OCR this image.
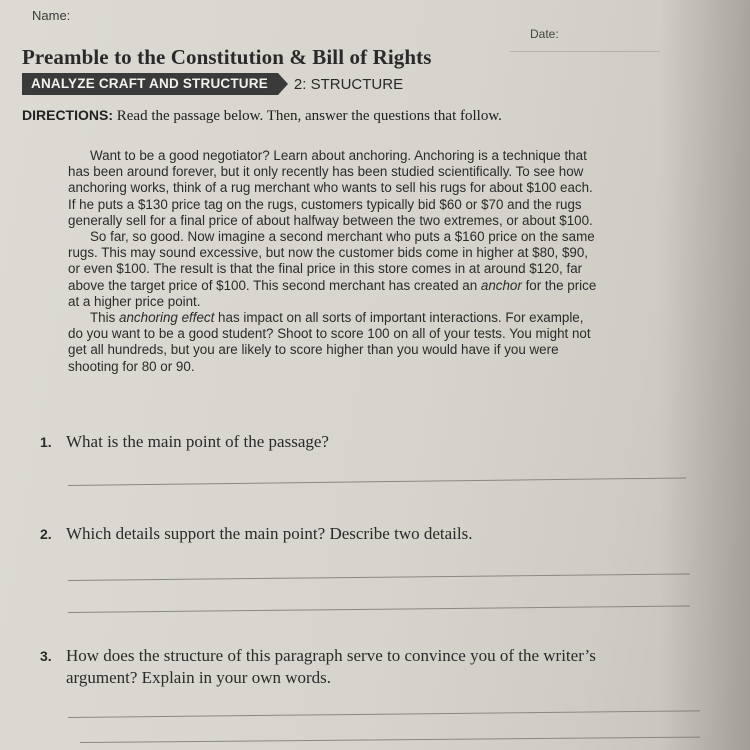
Name:
Date:
Preamble to the Constitution & Bill of Rights
ANALYZE CRAFT AND STRUCTURE	2: STRUCTURE
DIRECTIONS: Read the passage below. Then, answer the questions that follow.

Want to be a good negotiator? Learn about anchoring. Anchoring is a technique that has been around forever, but it only recently has been studied scientifically. To see how anchoring works, think of a rug merchant who wants to sell his rugs for about $100 each. If he puts a $130 price tag on the rugs, customers typically bid $60 or $70 and the rugs generally sell for a final price of about halfway between the two extremes, or about $100.

So far, so good. Now imagine a second merchant who puts a $160 price on the same rugs. This may sound excessive, but now the customer bids come in higher at $80, $90, or even $100. The result is that the final price in this store comes in at around $120, far above the target price of $100. This second merchant has created an anchor for the price at a higher price point.

This anchoring effect has impact on all sorts of important interactions. For example, do you want to be a good student? Shoot to score 100 on all of your tests. You might not get all hundreds, but you are likely to score higher than you would have if you were shooting for 80 or 90.

1. What is the main point of the passage?
2. Which details support the main point? Describe two details.
3. How does the structure of this paragraph serve to convince you of the writer’s argument? Explain in your own words.
